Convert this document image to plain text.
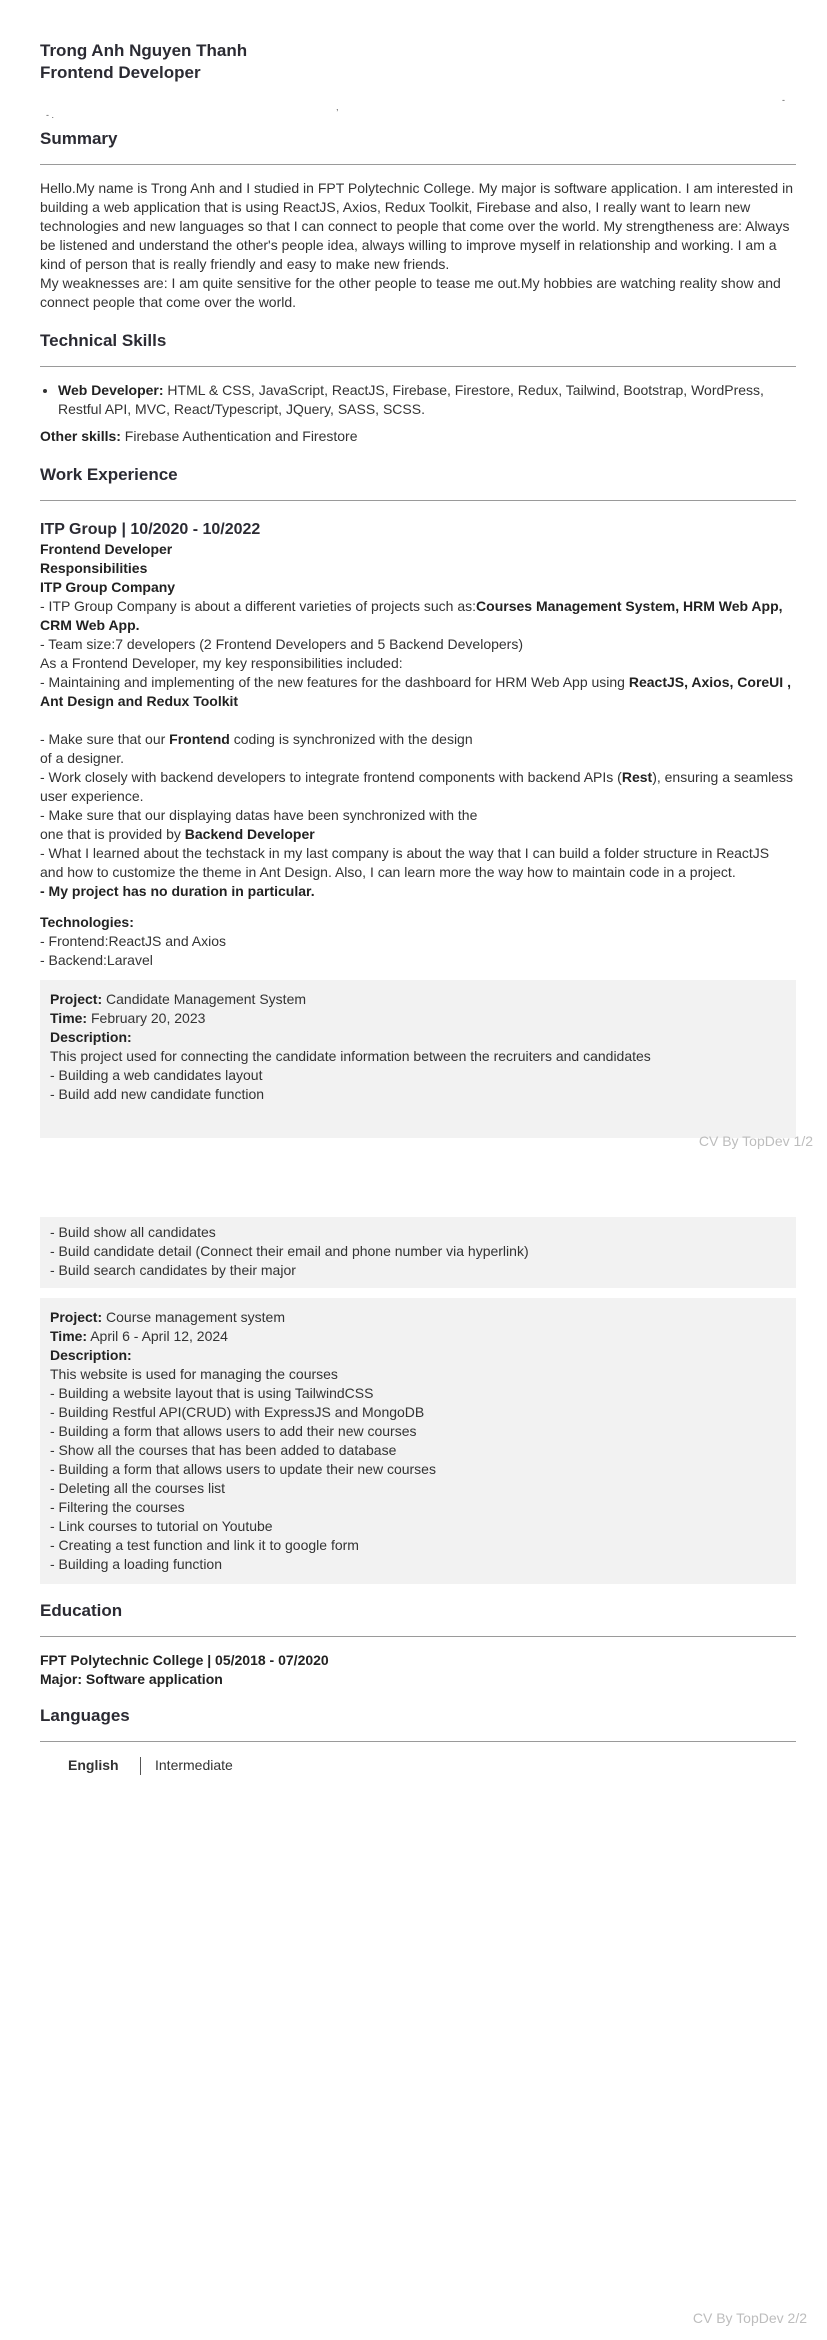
Trong Anh Nguyen Thanh
Frontend Developer
,
-
- .
Summary
Hello.My name is Trong Anh and I studied in FPT Polytechnic College. My major is software application. I am interested in building a web application that is using ReactJS, Axios, Redux Toolkit, Firebase and also, I really want to learn new technologies and new languages so that I can connect to people that come over the world. My strengtheness are: Always be listened and understand the other's people idea, always willing to improve myself in relationship and working. I am a kind of person that is really friendly and easy to make new friends.
My weaknesses are: I am quite sensitive for the other people to tease me out.My hobbies are watching reality show and connect people that come over the world.
Technical Skills
• Web Developer: HTML & CSS, JavaScript, ReactJS, Firebase, Firestore, Redux, Tailwind, Bootstrap, WordPress, Restful API, MVC, React/Typescript, JQuery, SASS, SCSS.
Other skills: Firebase Authentication and Firestore
Work Experience
ITP Group | 10/2020 - 10/2022
Frontend Developer
Responsibilities
ITP Group Company
- ITP Group Company is about a different varieties of projects such as:Courses Management System, HRM Web App, CRM Web App.
- Team size:7 developers (2 Frontend Developers and 5 Backend Developers)
As a Frontend Developer, my key responsibilities included:
- Maintaining and implementing of the new features for the dashboard for HRM Web App using ReactJS, Axios, CoreUI , Ant Design and Redux Toolkit
- Make sure that our Frontend coding is synchronized with the design
of a designer.
- Work closely with backend developers to integrate frontend components with backend APIs (Rest), ensuring a seamless user experience.
- Make sure that our displaying datas have been synchronized with the
one that is provided by Backend Developer
- What I learned about the techstack in my last company is about the way that I can build a folder structure in ReactJS and how to customize the theme in Ant Design. Also, I can learn more the way how to maintain code in a project.
- My project has no duration in particular.
Technologies:
- Frontend:ReactJS and Axios
- Backend:Laravel
Project: Candidate Management System
Time: February 20, 2023
Description:
This project used for connecting the candidate information between the recruiters and candidates
- Building a web candidates layout
- Build add new candidate function
CV By TopDev 1/2
- Build show all candidates
- Build candidate detail (Connect their email and phone number via hyperlink)
- Build search candidates by their major
Project: Course management system
Time: April 6 - April 12, 2024
Description:
This website is used for managing the courses
- Building a website layout that is using TailwindCSS
- Building Restful API(CRUD) with ExpressJS and MongoDB
- Building a form that allows users to add their new courses
- Show all the courses that has been added to database
- Building a form that allows users to update their new courses
- Deleting all the courses list
- Filtering the courses
- Link courses to tutorial on Youtube
- Creating a test function and link it to google form
- Building a loading function
Education
FPT Polytechnic College | 05/2018 - 07/2020
Major: Software application
Languages
English	Intermediate
CV By TopDev 2/2
